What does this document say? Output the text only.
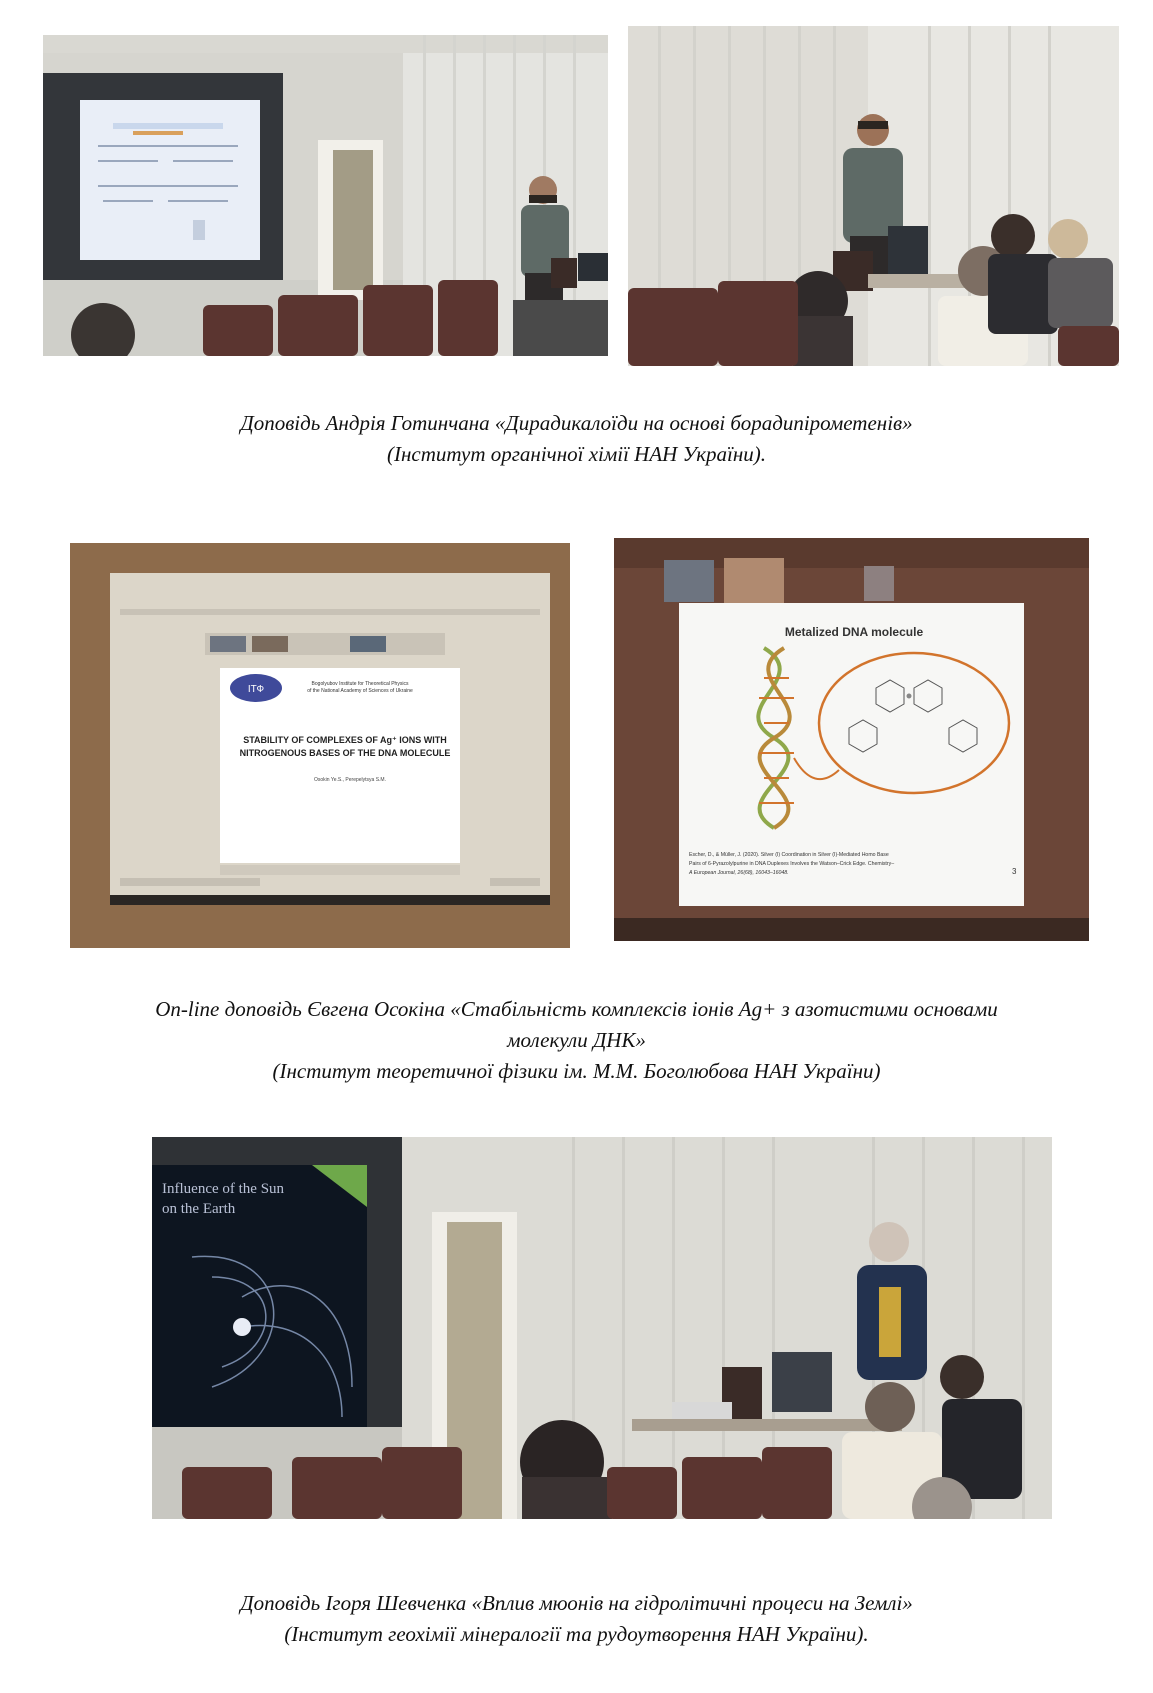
Доповідь Андрія Готинчана «Дирадикалоїди на основі борадипірометенів»
(Інститут органічної хімії НАН України).
ІТФ	Bogolyubov Institute for Theoretical Physics
of the National Academy of Sciences of Ukraine
STABILITY OF COMPLEXES OF Ag⁺ IONS WITH
NITROGENOUS BASES OF THE DNA MOLECULE
Osokin Ye.S., Perepelytsya S.M.
Metalized DNA molecule
Escher, D., & Müller, J. (2020). Silver (I) Coordination in Silver (I)-Mediated Homo Base
Pairs of 6-Pyrazolylpurine in DNA Duplexes Involves the Watson–Crick Edge. Chemistry–
A European Journal, 26(68), 16043–16048.	3
On-line доповідь Євгена Осокіна «Стабільність комплексів іонів Ag+ з азотистими основами
молекули ДНК»
(Інститут теоретичної фізики ім. М.М. Боголюбова НАН України)
Influence of the Sun
on the Earth
Доповідь Ігоря Шевченка «Вплив мюонів на гідролітичні процеси на Землі»
(Інститут геохімії мінералогії та рудоутворення НАН України).
